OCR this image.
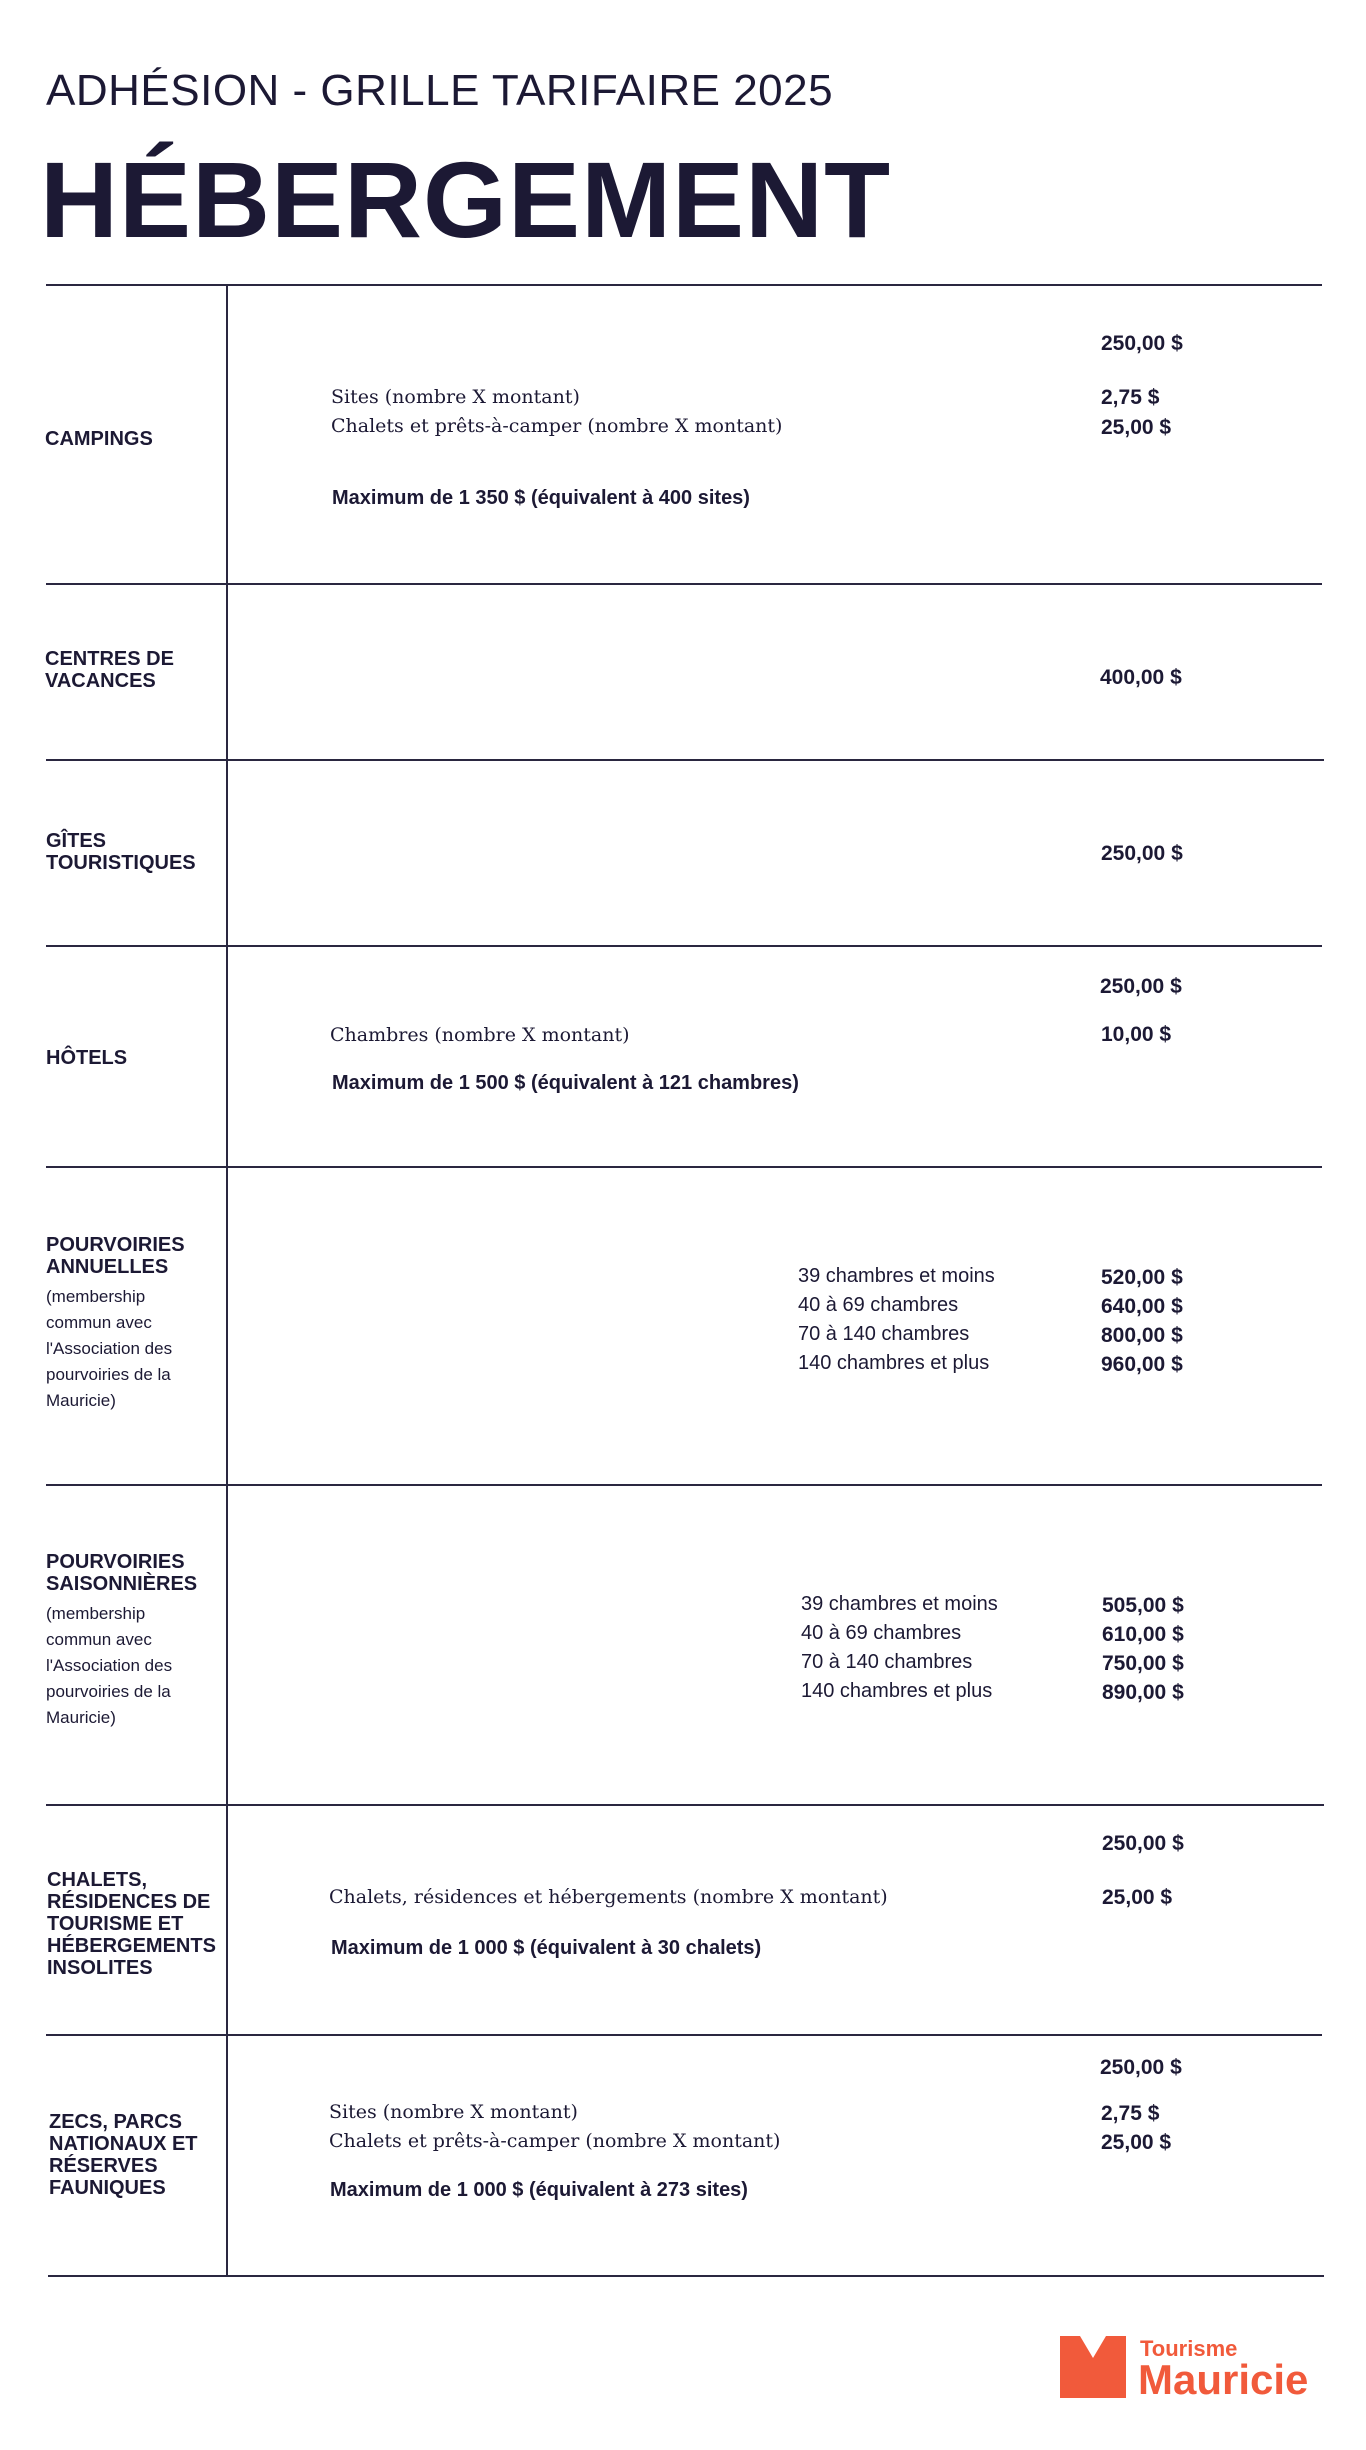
ADHÉSION - GRILLE TARIFAIRE 2025
HÉBERGEMENT
CAMPINGS
250,00 $
Sites (nombre X montant)	2,75 $
Chalets et prêts-à-camper (nombre X montant)	25,00 $
Maximum de 1 350 $ (équivalent à 400 sites)
CENTRES DE
VACANCES	400,00 $
GÎTES
TOURISTIQUES	250,00 $
HÔTELS
250,00 $
Chambres (nombre X montant)	10,00 $
Maximum de 1 500 $ (équivalent à 121 chambres)
POURVOIRIES
ANNUELLES
(membership commun avec l'Association des pourvoiries de la Mauricie)
39 chambres et moins	520,00 $
40 à 69 chambres	640,00 $
70 à 140 chambres	800,00 $
140 chambres et plus	960,00 $
POURVOIRIES
SAISONNIÈRES
(membership commun avec l'Association des pourvoiries de la Mauricie)
39 chambres et moins	505,00 $
40 à 69 chambres	610,00 $
70 à 140 chambres	750,00 $
140 chambres et plus	890,00 $
CHALETS,
RÉSIDENCES DE
TOURISME ET
HÉBERGEMENTS
INSOLITES
250,00 $
Chalets, résidences et hébergements (nombre X montant)	25,00 $
Maximum de 1 000 $ (équivalent à 30 chalets)
ZECS, PARCS
NATIONAUX ET
RÉSERVES
FAUNIQUES
250,00 $
Sites (nombre X montant)	2,75 $
Chalets et prêts-à-camper (nombre X montant)	25,00 $
Maximum de 1 000 $ (équivalent à 273 sites)
Tourisme
Mauricie
